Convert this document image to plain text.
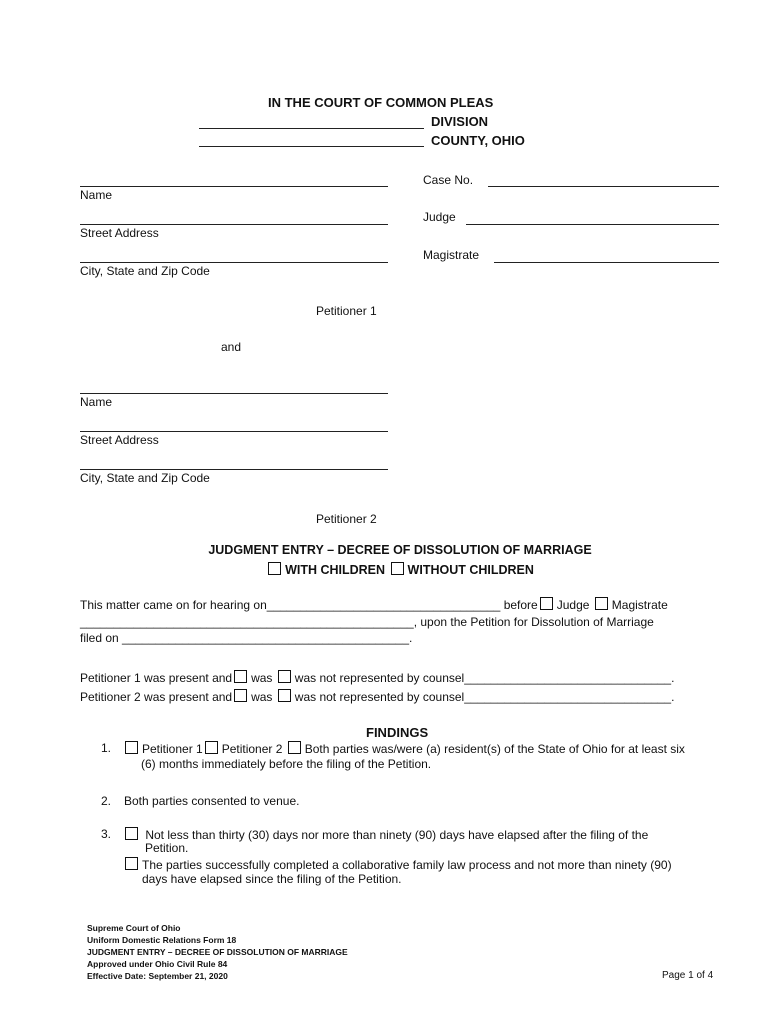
IN THE COURT OF COMMON PLEAS
DIVISION
COUNTY, OHIO
Name
Street Address
City, State and Zip Code
Petitioner 1
Case No.
Judge
Magistrate
and
Name
Street Address
City, State and Zip Code
Petitioner 2
JUDGMENT ENTRY – DECREE OF DISSOLUTION OF MARRIAGE
WITH CHILDREN WITHOUT CHILDREN
This matter came on for hearing on___________________________________ before Judge Magistrate
__________________________________________________, upon the Petition for Dissolution of Marriage
filed on ___________________________________________.
Petitioner 1 was present and was was not represented by counsel_______________________________.
Petitioner 2 was present and was was not represented by counsel_______________________________.
FINDINGS
1.	Petitioner 1 Petitioner 2 Both parties was/were (a) resident(s) of the State of Ohio for at least six
(6) months immediately before the filing of the Petition.
2. Both parties consented to venue.
3.	Not less than thirty (30) days nor more than ninety (90) days have elapsed after the filing of the
Petition.
The parties successfully completed a collaborative family law process and not more than ninety (90)
days have elapsed since the filing of the Petition.
Supreme Court of Ohio
Uniform Domestic Relations Form 18
JUDGMENT ENTRY – DECREE OF DISSOLUTION OF MARRIAGE
Approved under Ohio Civil Rule 84
Effective Date: September 21, 2020	Page 1 of 4
